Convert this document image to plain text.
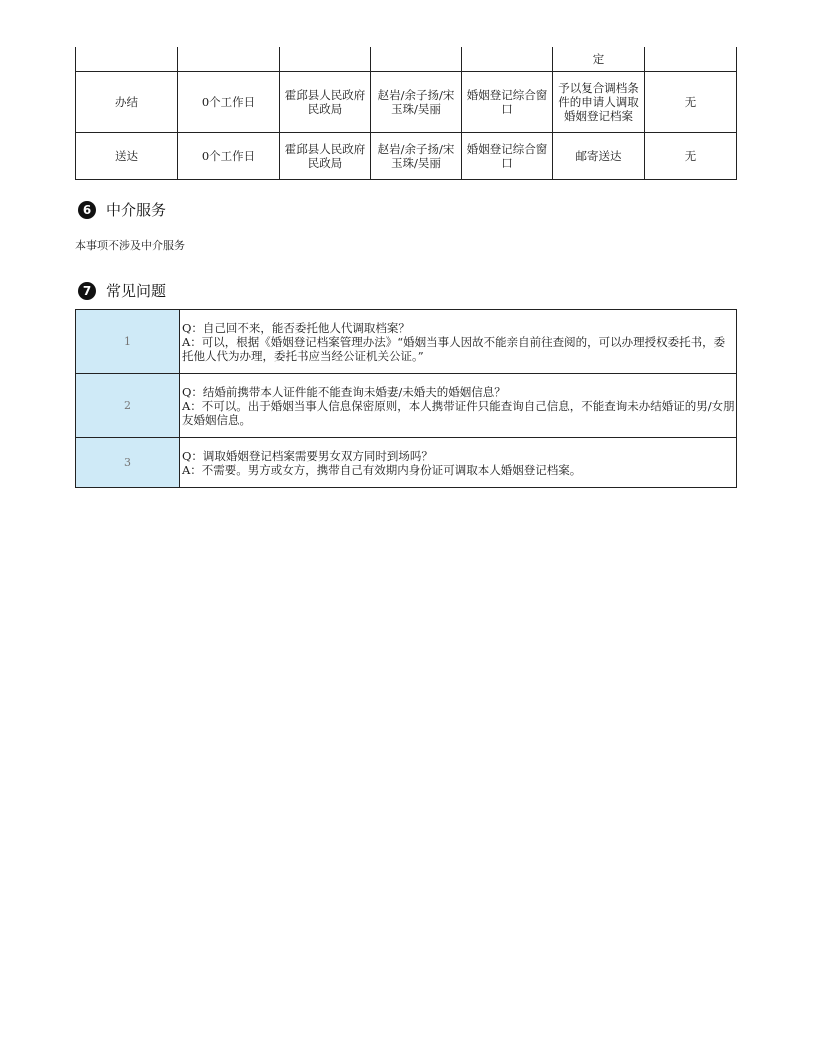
					定	
办结	0个工作日	霍邱县人民政府民政局	赵岩/余子扬/宋玉珠/吴丽	婚姻登记综合窗口	予以复合调档条件的申请人调取婚姻登记档案	无
送达	0个工作日	霍邱县人民政府民政局	赵岩/余子扬/宋玉珠/吴丽	婚姻登记综合窗口	邮寄送达	无
6 中介服务
本事项不涉及中介服务
7 常见问题
1	Q：自己回不来，能否委托他人代调取档案？
A：可以，根据《婚姻登记档案管理办法》“婚姻当事人因故不能亲自前往查阅的，可以办理授权委托书，委托他人代为办理，委托书应当经公证机关公证。”

2	Q：结婚前携带本人证件能不能查询未婚妻/未婚夫的婚姻信息？
A：不可以。出于婚姻当事人信息保密原则，本人携带证件只能查询自己信息，不能查询未办结婚证的男/女朋友婚姻信息。

3	Q：调取婚姻登记档案需要男女双方同时到场吗？
A：不需要。男方或女方，携带自己有效期内身份证可调取本人婚姻登记档案。
